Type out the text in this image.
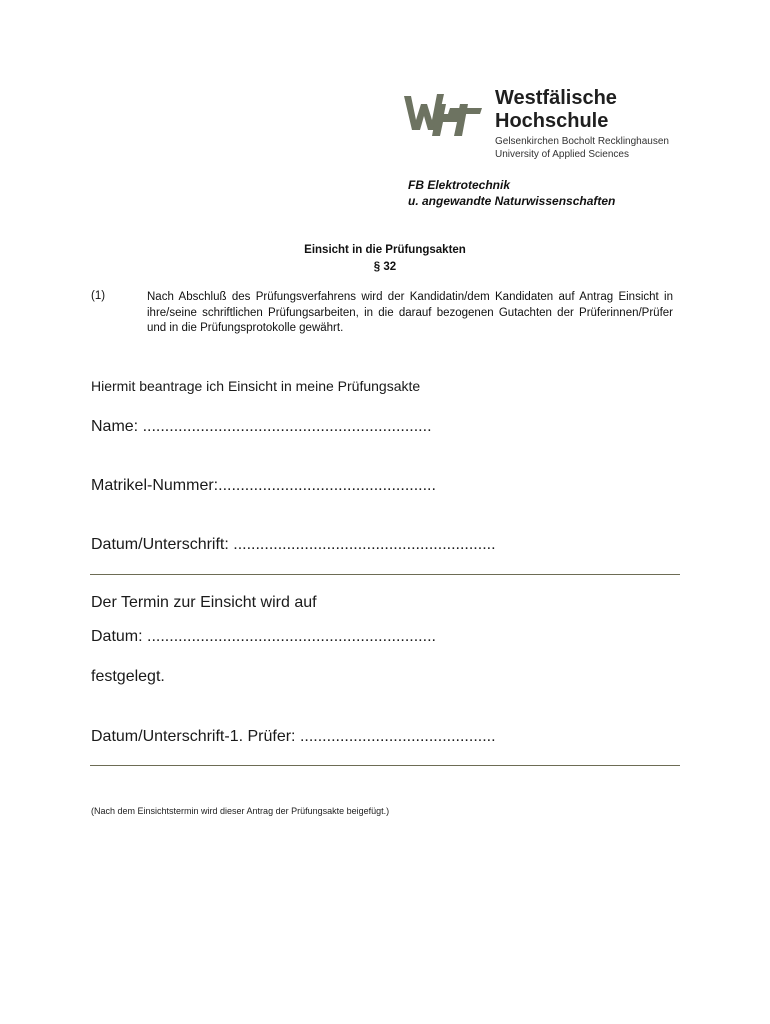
Westfälische
Hochschule
Gelsenkirchen Bocholt Recklinghausen
University of Applied Sciences
FB Elektrotechnik
u. angewandte Naturwissenschaften
Einsicht in die Prüfungsakten
§ 32
(1)	Nach Abschluß des Prüfungsverfahrens wird der Kandidatin/dem Kandidaten auf Antrag Einsicht in ihre/seine schriftlichen Prüfungsarbeiten, in die darauf bezogenen Gutachten der Prüferinnen/Prüfer und in die Prüfungsprotokolle gewährt.
Hiermit beantrage ich Einsicht in meine Prüfungsakte
Name: .................................................................
Matrikel-Nummer:.................................................
Datum/Unterschrift: ...........................................................
Der Termin zur Einsicht wird auf
Datum: .................................................................
festgelegt.
Datum/Unterschrift-1. Prüfer: ............................................
(Nach dem Einsichtstermin wird dieser Antrag der Prüfungsakte beigefügt.)
